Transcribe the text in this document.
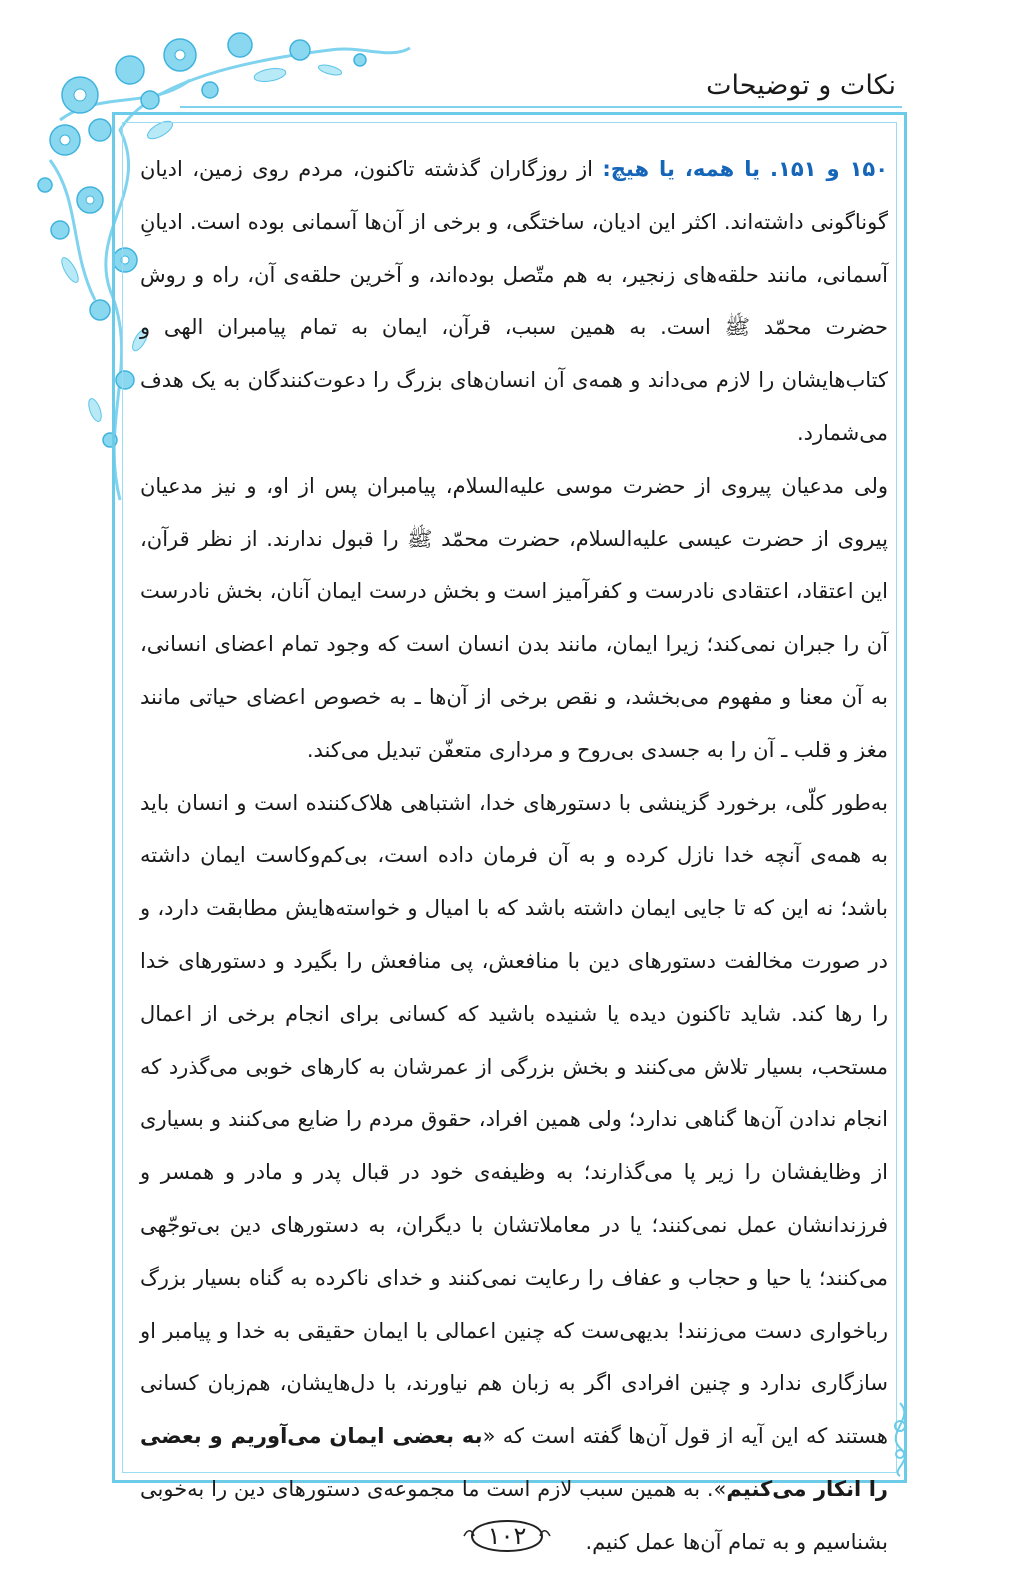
نکات و توضیحات

۱۵۰ و ۱۵۱. یا همه، یا هیچ: از روزگاران گذشته تاکنون، مردم روی زمین، ادیان گوناگونی داشته‌اند. اکثر این ادیان، ساختگی، و برخی از آن‌ها آسمانی بوده است. ادیانِ آسمانی، مانند حلقه‌های زنجیر، به هم متّصل بوده‌اند، و آخرین حلقه‌ی آن، راه و روش حضرت محمّد ﷺ است. به همین سبب، قرآن، ایمان به تمام پیامبران الهی و کتاب‌هایشان را لازم می‌داند و همه‌ی آن انسان‌های بزرگ را دعوت‌کنندگان به یک هدف می‌شمارد.

ولی مدعیان پیروی از حضرت موسی علیه‌السلام، پیامبران پس از او، و نیز مدعیان پیروی از حضرت عیسی علیه‌السلام، حضرت محمّد ﷺ را قبول ندارند. از نظر قرآن، این اعتقاد، اعتقادی نادرست و کفرآمیز است و بخش درست ایمان آنان، بخش نادرست آن را جبران نمی‌کند؛ زیرا ایمان، مانند بدن انسان است که وجود تمام اعضای انسانی، به آن معنا و مفهوم می‌بخشد، و نقص برخی از آن‌ها ـ به خصوص اعضای حیاتی مانند مغز و قلب ـ آن را به جسدی بی‌روح و مرداری متعفّن تبدیل می‌کند.

به‌طور کلّی، برخورد گزینشی با دستورهای خدا، اشتباهی هلاک‌کننده است و انسان باید به همه‌ی آنچه خدا نازل کرده و به آن فرمان داده است، بی‌کم‌وکاست ایمان داشته باشد؛ نه این که تا جایی ایمان داشته باشد که با امیال و خواسته‌هایش مطابقت دارد، و در صورت مخالفت دستورهای دین با منافعش، پی منافعش را بگیرد و دستورهای خدا را رها کند. شاید تاکنون دیده یا شنیده باشید که کسانی برای انجام برخی از اعمال مستحب، بسیار تلاش می‌کنند و بخش بزرگی از عمرشان به کارهای خوبی می‌گذرد که انجام ندادن آن‌ها گناهی ندارد؛ ولی همین افراد، حقوق مردم را ضایع می‌کنند و بسیاری از وظایفشان را زیر پا می‌گذارند؛ به وظیفه‌ی خود در قبال پدر و مادر و همسر و فرزندانشان عمل نمی‌کنند؛ یا در معاملاتشان با دیگران، به دستورهای دین بی‌توجّهی می‌کنند؛ یا حیا و حجاب و عفاف را رعایت نمی‌کنند و خدای ناکرده به گناه بسیار بزرگ رباخواری دست می‌زنند! بدیهی‌ست که چنین اعمالی با ایمان حقیقی به خدا و پیامبر او سازگاری ندارد و چنین افرادی اگر به زبان هم نیاورند، با دل‌هایشان، هم‌زبان کسانی هستند که این آیه از قول آن‌ها گفته است که «به بعضی ایمان می‌آوریم و بعضی را انکار می‌کنیم». به همین سبب لازم است ما مجموعه‌ی دستورهای دین را به‌خوبی بشناسیم و به تمام آن‌ها عمل کنیم.

۱۰۲
